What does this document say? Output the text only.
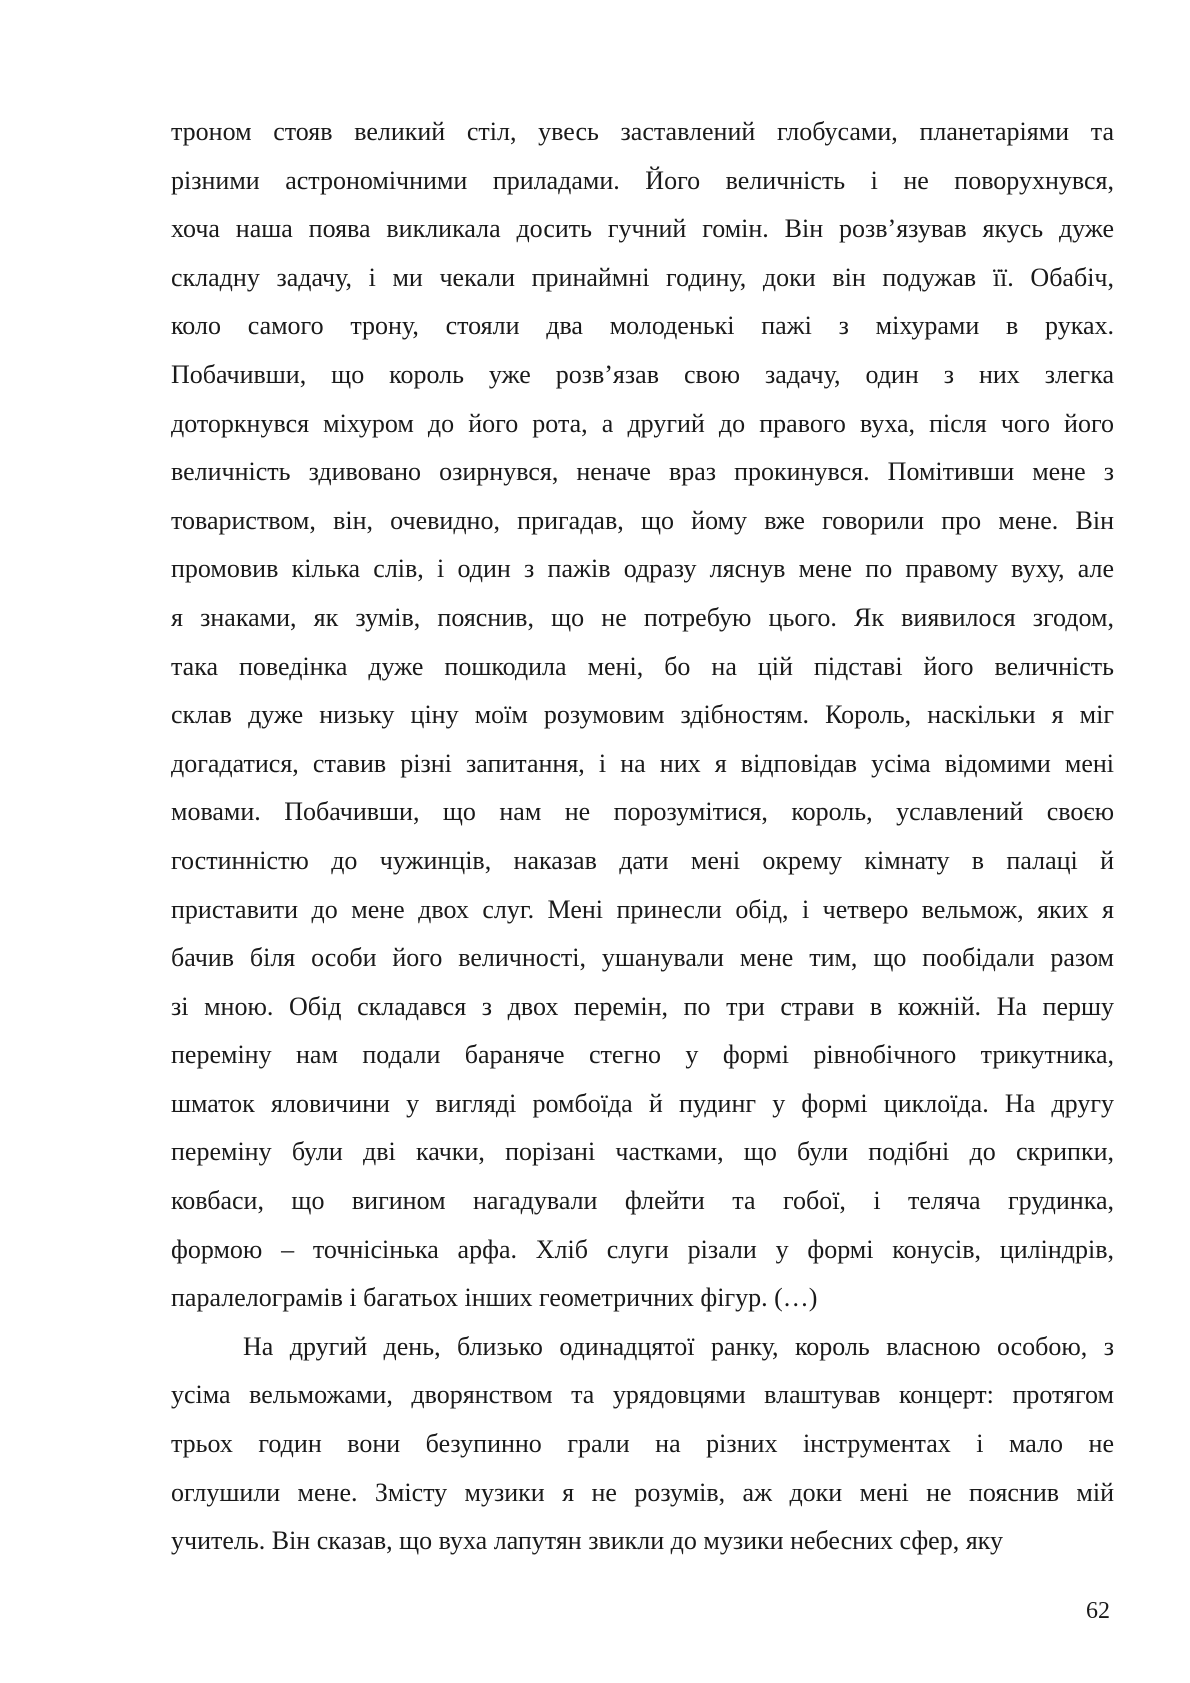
троном стояв великий стіл, увесь заставлений глобусами, планетаріями та
різними астрономічними приладами. Його величність і не поворухнувся,
хоча наша поява викликала досить гучний гомін. Він розв’язував якусь дуже
складну задачу, і ми чекали принаймні годину, доки він подужав її. Обабіч,
коло самого трону, стояли два молоденькі пажі з міхурами в руках.
Побачивши, що король уже розв’язав свою задачу, один з них злегка
доторкнувся міхуром до його рота, а другий до правого вуха, після чого його
величність здивовано озирнувся, неначе враз прокинувся. Помітивши мене з
товариством, він, очевидно, пригадав, що йому вже говорили про мене. Він
промовив кілька слів, і один з пажів одразу ляснув мене по правому вуху, але
я знаками, як зумів, пояснив, що не потребую цього. Як виявилося згодом,
така поведінка дуже пошкодила мені, бо на цій підставі його величність
склав дуже низьку ціну моїм розумовим здібностям. Король, наскільки я міг
догадатися, ставив різні запитання, і на них я відповідав усіма відомими мені
мовами. Побачивши, що нам не порозумітися, король, уславлений своєю
гостинністю до чужинців, наказав дати мені окрему кімнату в палаці й
приставити до мене двох слуг. Мені принесли обід, і четверо вельмож, яких я
бачив біля особи його величності, ушанували мене тим, що пообідали разом
зі мною. Обід складався з двох перемін, по три страви в кожній. На першу
переміну нам подали бараняче стегно у формі рівнобічного трикутника,
шматок яловичини у вигляді ромбоїда й пудинг у формі циклоїда. На другу
переміну були дві качки, порізані частками, що були подібні до скрипки,
ковбаси, що вигином нагадували флейти та гобої, і теляча грудинка,
формою – точнісінька арфа. Хліб слуги різали у формі конусів, циліндрів,
паралелограмів і багатьох інших геометричних фігур. (…)
На другий день, близько одинадцятої ранку, король власною особою, з
усіма вельможами, дворянством та урядовцями влаштував концерт: протягом
трьох годин вони безупинно грали на різних інструментах і мало не
оглушили мене. Змісту музики я не розумів, аж доки мені не пояснив мій
учитель. Він сказав, що вуха лапутян звикли до музики небесних сфер, яку
62
